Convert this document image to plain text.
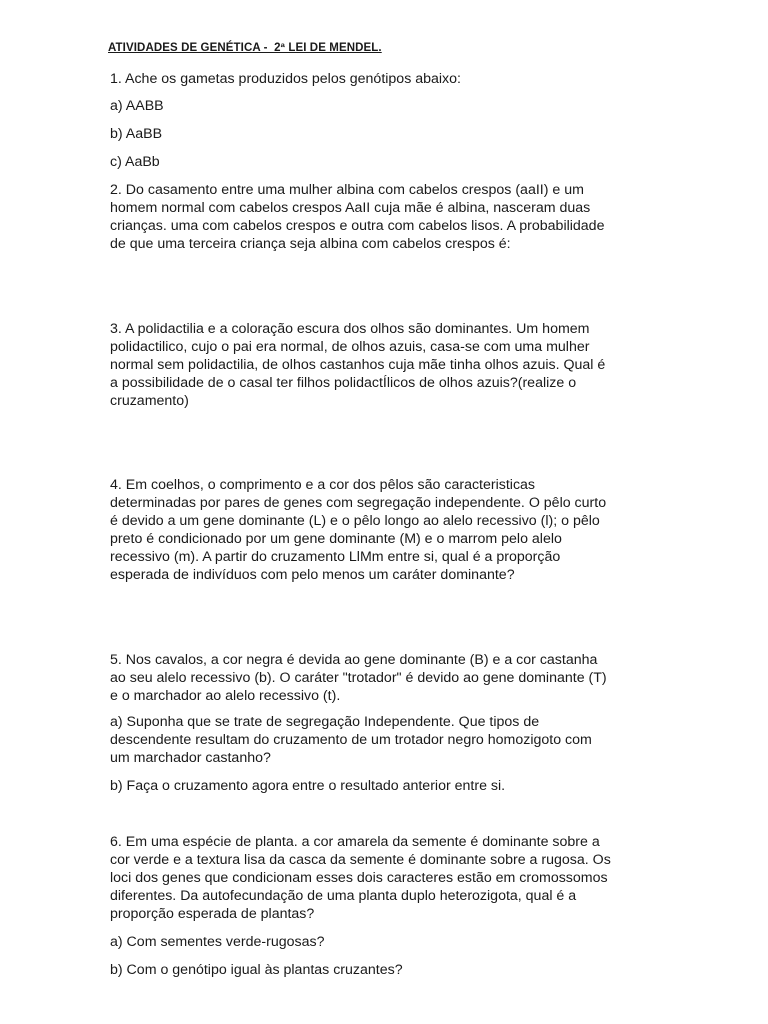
ATIVIDADES DE GENÉTICA -  2ª LEI DE MENDEL.

1. Ache os gametas produzidos pelos genótipos abaixo:

a) AABB

b) AaBB

c) AaBb

2. Do casamento entre uma mulher albina com cabelos crespos (aaII) e um
homem normal com cabelos crespos AaII cuja mãe é albina, nasceram duas
crianças. uma com cabelos crespos e outra com cabelos lisos. A probabilidade
de que uma terceira criança seja albina com cabelos crespos é:

3. A polidactilia e a coloração escura dos olhos são dominantes. Um homem
polidactilico, cujo o pai era normal, de olhos azuis, casa-se com uma mulher
normal sem polidactilia, de olhos castanhos cuja mãe tinha olhos azuis. Qual é
a possibilidade de o casal ter filhos polidactÍlicos de olhos azuis?(realize o
cruzamento)

4. Em coelhos, o comprimento e a cor dos pêlos são caracteristicas
determinadas por pares de genes com segregação independente. O pêlo curto
é devido a um gene dominante (L) e o pêlo longo ao alelo recessivo (l); o pêlo
preto é condicionado por um gene dominante (M) e o marrom pelo alelo
recessivo (m). A partir do cruzamento LlMm entre si, qual é a proporção
esperada de indivíduos com pelo menos um caráter dominante?

5. Nos cavalos, a cor negra é devida ao gene dominante (B) e a cor castanha
ao seu alelo recessivo (b). O caráter "trotador" é devido ao gene dominante (T)
e o marchador ao alelo recessivo (t).

a) Suponha que se trate de segregação Independente. Que tipos de
descendente resultam do cruzamento de um trotador negro homozigoto com
um marchador castanho?

b) Faça o cruzamento agora entre o resultado anterior entre si.

6. Em uma espécie de planta. a cor amarela da semente é dominante sobre a
cor verde e a textura lisa da casca da semente é dominante sobre a rugosa. Os
loci dos genes que condicionam esses dois caracteres estão em cromossomos
diferentes. Da autofecundação de uma planta duplo heterozigota, qual é a
proporção esperada de plantas?

a) Com sementes verde-rugosas?

b) Com o genótipo igual às plantas cruzantes?
